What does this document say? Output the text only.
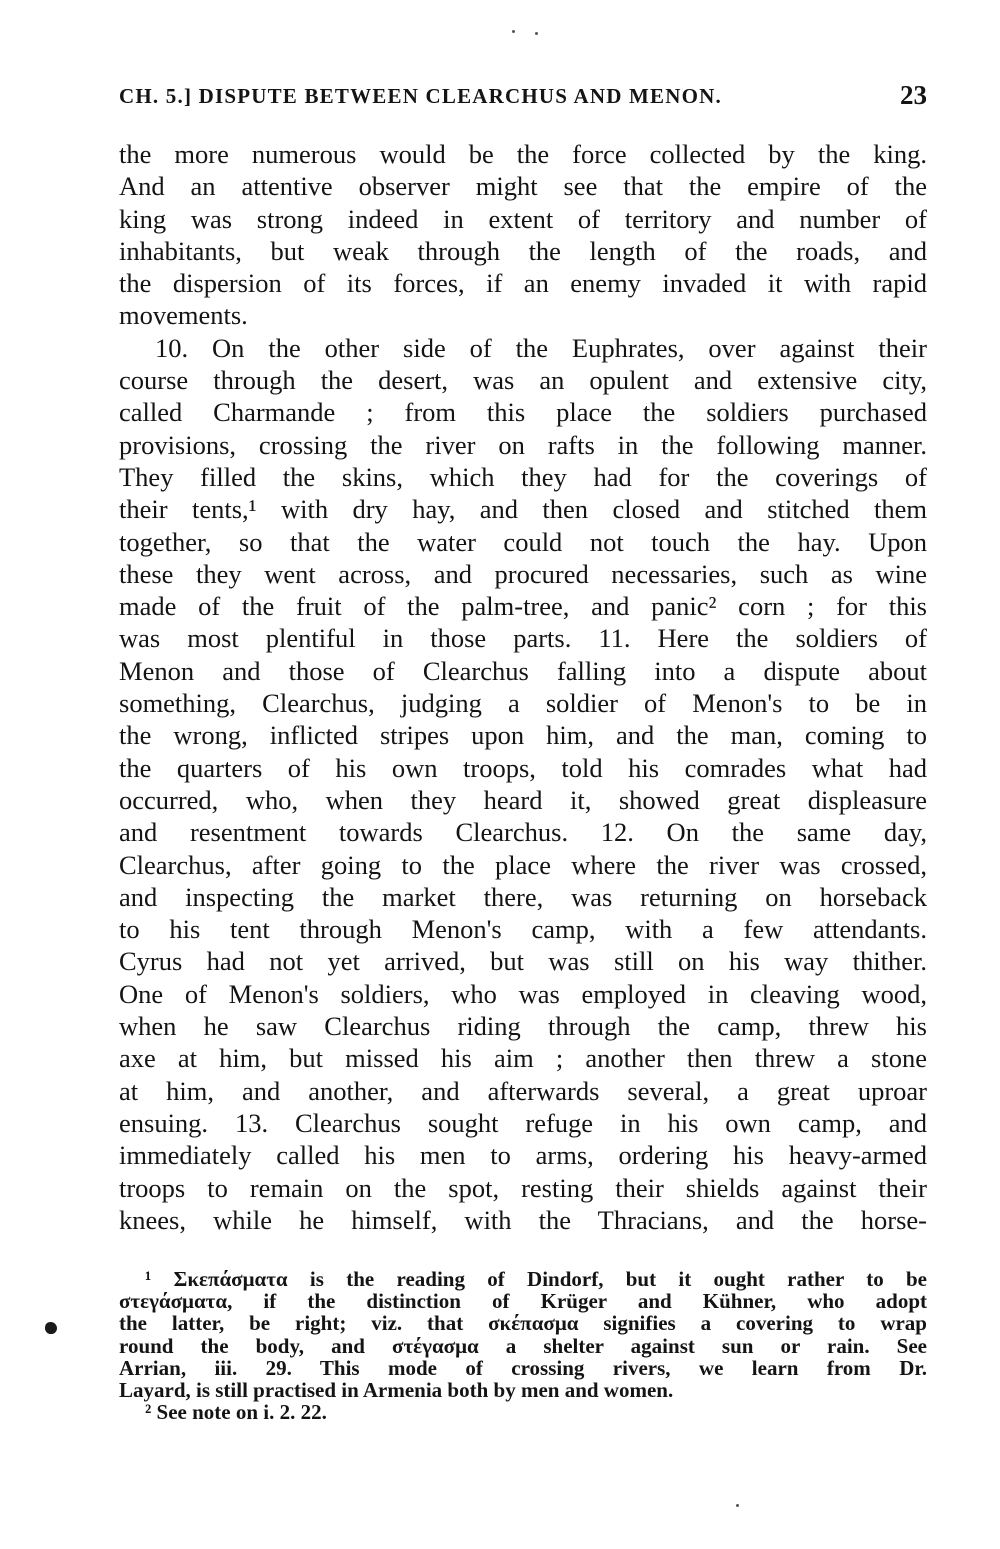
CH. 5.] DISPUTE BETWEEN CLEARCHUS AND MENON.	23
the more numerous would be the force collected by the king.
And an attentive observer might see that the empire of the
king was strong indeed in extent of territory and number of
inhabitants, but weak through the length of the roads, and
the dispersion of its forces, if an enemy invaded it with rapid
movements.
10. On the other side of the Euphrates, over against their
course through the desert, was an opulent and extensive city,
called Charmande ; from this place the soldiers purchased
provisions, crossing the river on rafts in the following manner.
They filled the skins, which they had for the coverings of
their tents,¹ with dry hay, and then closed and stitched them
together, so that the water could not touch the hay. Upon
these they went across, and procured necessaries, such as wine
made of the fruit of the palm-tree, and panic² corn ; for this
was most plentiful in those parts. 11. Here the soldiers of
Menon and those of Clearchus falling into a dispute about
something, Clearchus, judging a soldier of Menon's to be in
the wrong, inflicted stripes upon him, and the man, coming to
the quarters of his own troops, told his comrades what had
occurred, who, when they heard it, showed great displeasure
and resentment towards Clearchus. 12. On the same day,
Clearchus, after going to the place where the river was crossed,
and inspecting the market there, was returning on horseback
to his tent through Menon's camp, with a few attendants.
Cyrus had not yet arrived, but was still on his way thither.
One of Menon's soldiers, who was employed in cleaving wood,
when he saw Clearchus riding through the camp, threw his
axe at him, but missed his aim ; another then threw a stone
at him, and another, and afterwards several, a great uproar
ensuing. 13. Clearchus sought refuge in his own camp, and
immediately called his men to arms, ordering his heavy-armed
troops to remain on the spot, resting their shields against their
knees, while he himself, with the Thracians, and the horse-
¹ Σκεπάσματα is the reading of Dindorf, but it ought rather to be
στεγάσματα, if the distinction of Krüger and Kühner, who adopt
the latter, be right; viz. that σκέπασμα signifies a covering to wrap
round the body, and στέγασμα a shelter against sun or rain. See
Arrian, iii. 29. This mode of crossing rivers, we learn from Dr.
Layard, is still practised in Armenia both by men and women.
² See note on i. 2. 22.
